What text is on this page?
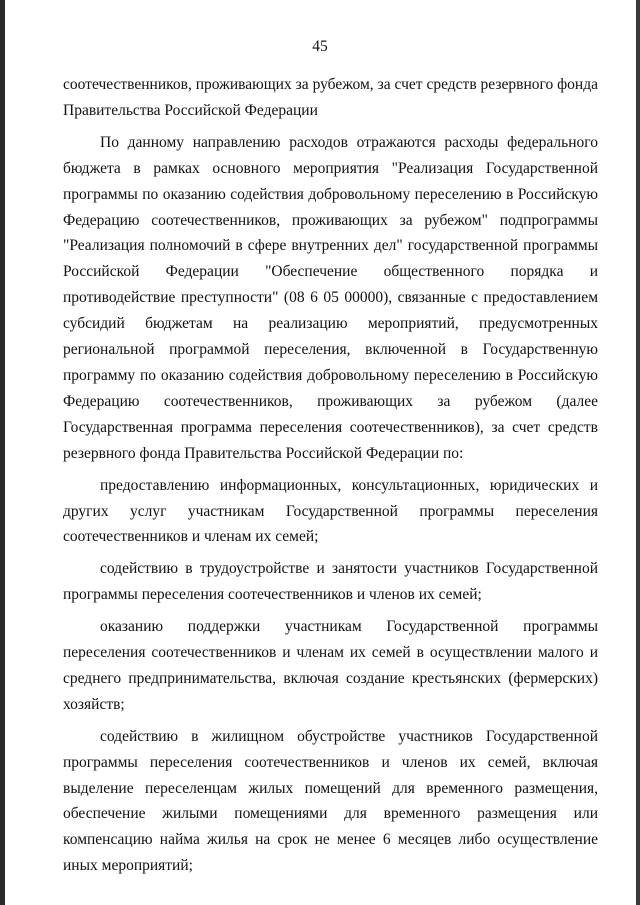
45

соотечественников, проживающих за рубежом, за счет средств резервного фонда Правительства Российской Федерации

По данному направлению расходов отражаются расходы федерального бюджета в рамках основного мероприятия "Реализация Государственной программы по оказанию содействия добровольному переселению в Российскую Федерацию соотечественников, проживающих за рубежом" подпрограммы "Реализация полномочий в сфере внутренних дел" государственной программы Российской Федерации "Обеспечение общественного порядка и противодействие преступности" (08 6 05 00000), связанные с предоставлением субсидий бюджетам на реализацию мероприятий, предусмотренных региональной программой переселения, включенной в Государственную программу по оказанию содействия добровольному переселению в Российскую Федерацию соотечественников, проживающих за рубежом (далее Государственная программа переселения соотечественников), за счет средств резервного фонда Правительства Российской Федерации по:

предоставлению информационных, консультационных, юридических и других услуг участникам Государственной программы переселения соотечественников и членам их семей;

содействию в трудоустройстве и занятости участников Государственной программы переселения соотечественников и членов их семей;

оказанию поддержки участникам Государственной программы переселения соотечественников и членам их семей в осуществлении малого и среднего предпринимательства, включая создание крестьянских (фермерских) хозяйств;

содействию в жилищном обустройстве участников Государственной программы переселения соотечественников и членов их семей, включая выделение переселенцам жилых помещений для временного размещения, обеспечение жилыми помещениями для временного размещения или компенсацию найма жилья на срок не менее 6 месяцев либо осуществление иных мероприятий;
